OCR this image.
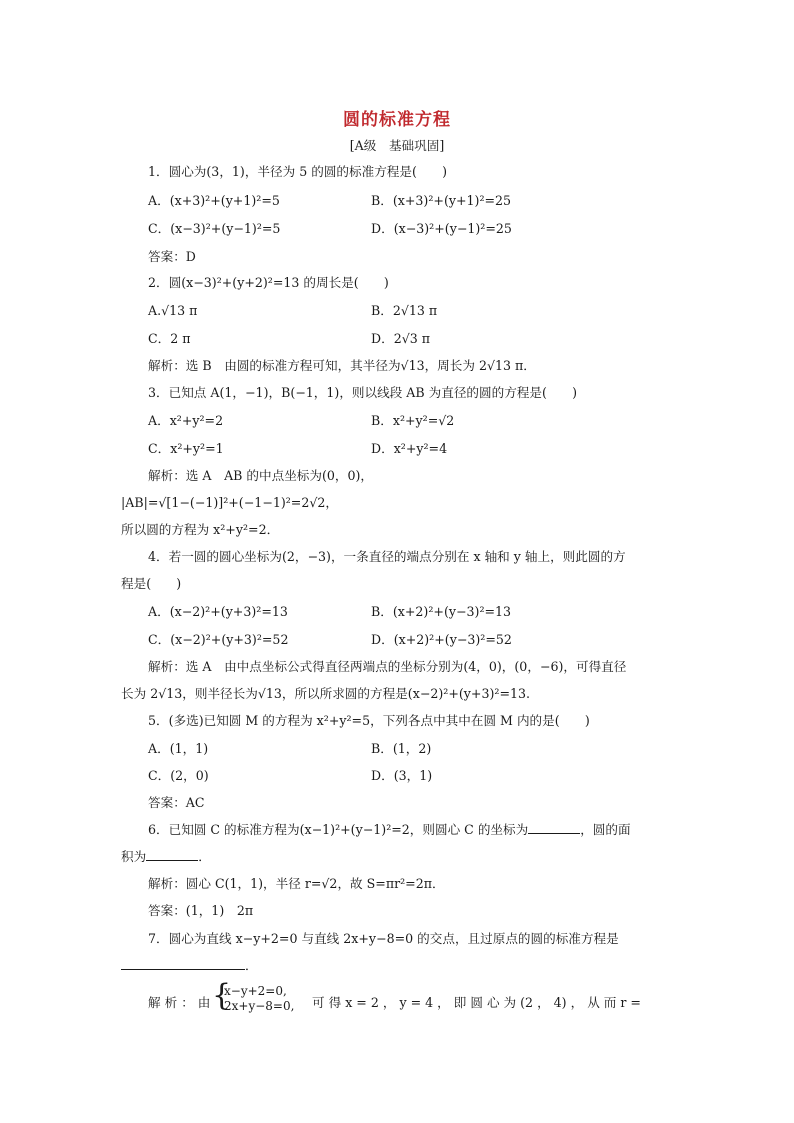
圆的标准方程
[A级　基础巩固]
1．圆心为(3，1)，半径为 5 的圆的标准方程是(　　)
A．(x+3)²+(y+1)²=5	B．(x+3)²+(y+1)²=25
C．(x−3)²+(y−1)²=5	D．(x−3)²+(y−1)²=25
答案：D
2．圆(x−3)²+(y+2)²=13 的周长是(　　)
A.√13 π	B．2√13 π
C．2 π	D．2√3 π
解析：选 B　由圆的标准方程可知，其半径为√13，周长为 2√13 π．
3．已知点 A(1，−1)，B(−1，1)，则以线段 AB 为直径的圆的方程是(　　)
A．x²+y²=2	B．x²+y²=√2
C．x²+y²=1	D．x²+y²=4
解析：选 A　AB 的中点坐标为(0，0)，
|AB|=√[1−(−1)]²+(−1−1)²=2√2，
所以圆的方程为 x²+y²=2．
4．若一圆的圆心坐标为(2，−3)，一条直径的端点分别在 x 轴和 y 轴上，则此圆的方
程是(　　)
A．(x−2)²+(y+3)²=13	B．(x+2)²+(y−3)²=13
C．(x−2)²+(y+3)²=52	D．(x+2)²+(y−3)²=52
解析：选 A　由中点坐标公式得直径两端点的坐标分别为(4，0)，(0，−6)，可得直径
长为 2√13，则半径长为√13，所以所求圆的方程是(x−2)²+(y+3)²=13.
5．(多选)已知圆 M 的方程为 x²+y²=5，下列各点中其中在圆 M 内的是(　　)
A．(1，1)	B．(1，2)
C．(2，0)	D．(3，1)
答案：AC
6．已知圆 C 的标准方程为(x−1)²+(y−1)²=2，则圆心 C 的坐标为	，圆的面
积为	．
解析：圆心 C(1，1)，半径 r=√2，故 S=πr²=2π．
答案：(1，1)　2π
7．圆心为直线 x−y+2=0 与直线 2x+y−8=0 的交点，且过原点的圆的标准方程是
．
解 析 ： 由 {
x−y+2=0,
2x+y−8=0, 可 得 x = 2 ， y = 4 ， 即 圆 心 为 (2 ， 4) ， 从 而 r =
